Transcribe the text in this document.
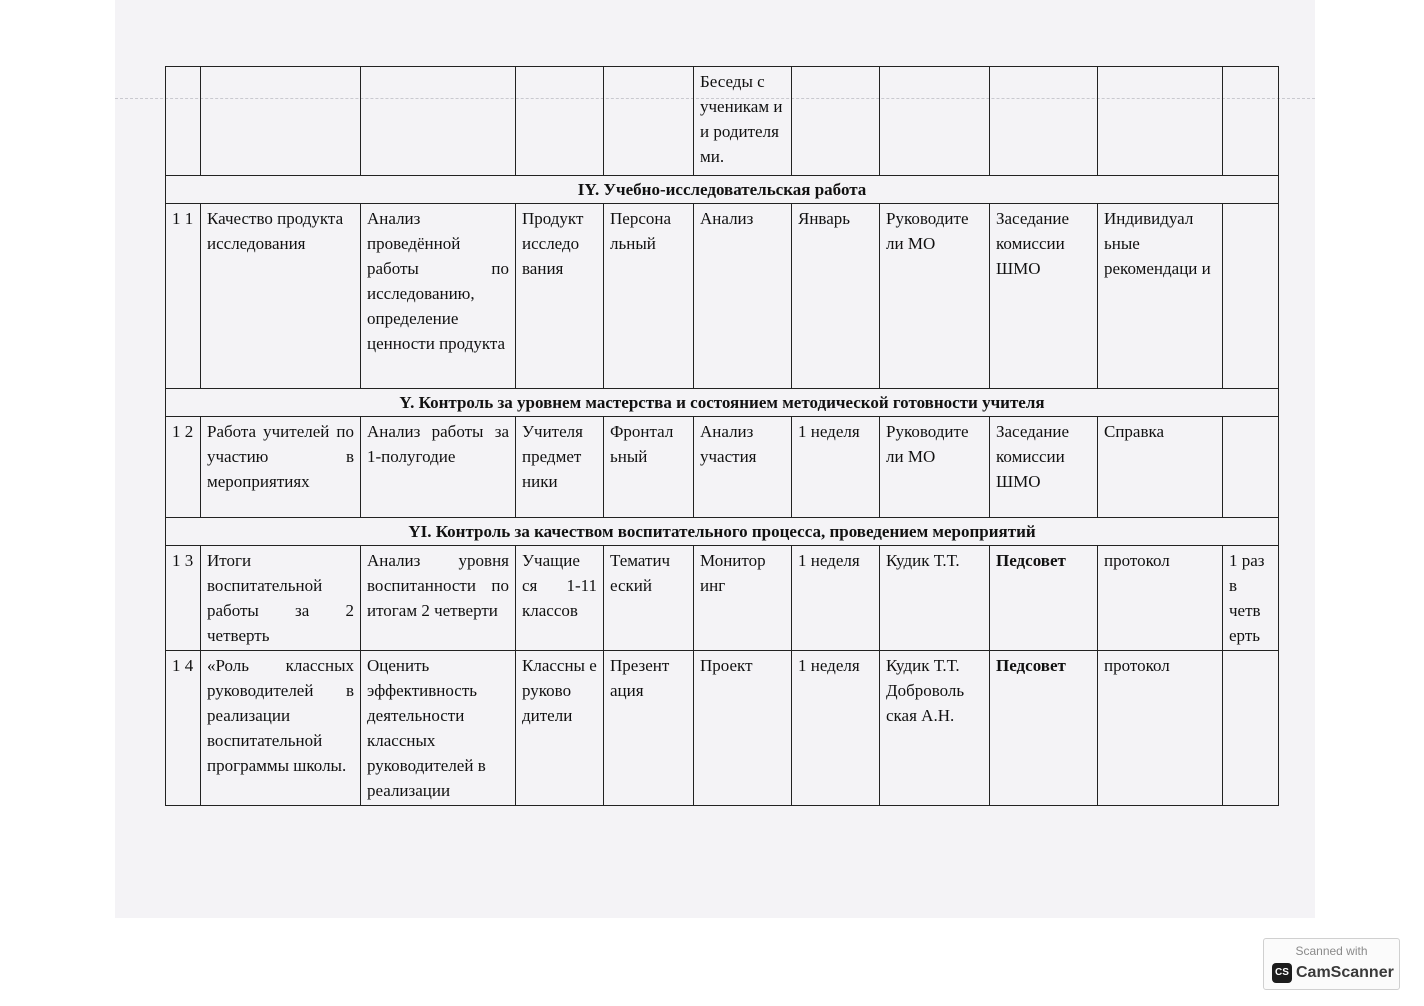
					Беседы с ученикам и и родителя ми.					
IY. Учебно-исследовательская работа										
1 1	Качество продукта исследования	Анализ проведённой работы по исследованию, определение ценности продукта	Продукт исследо вания	Персона льный	Анализ	Январь	Руководите ли МО	Заседание комиссии ШМО	Индивидуал ьные рекомендаци и	
Y. Контроль за уровнем мастерства и состоянием методической готовности учителя										
1 2	Работа учителей по участию в мероприятиях	Анализ работы за 1-полугодие	Учителя предмет ники	Фронтал ьный	Анализ участия	1 неделя	Руководите ли МО	Заседание комиссии ШМО	Справка	
YI. Контроль за качеством воспитательного процесса, проведением мероприятий										
1 3	Итоги воспитательной работы за 2 четверть	Анализ уровня воспитанности по итогам 2 четверти	Учащие ся 1-11 классов	Тематич еский	Монитор инг	1 неделя	Кудик Т.Т.	Педсовет	протокол	1 раз в четв ерть
1 4	«Роль классных руководителей в реализации воспитательной программы школы.	Оценить эффективность деятельности классных руководителей в реализации	Классны е руково дители	Презент ация	Проект	1 неделя	Кудик Т.Т. Доброволь ская А.Н.	Педсовет	протокол	
Scanned with
CS CamScanner
